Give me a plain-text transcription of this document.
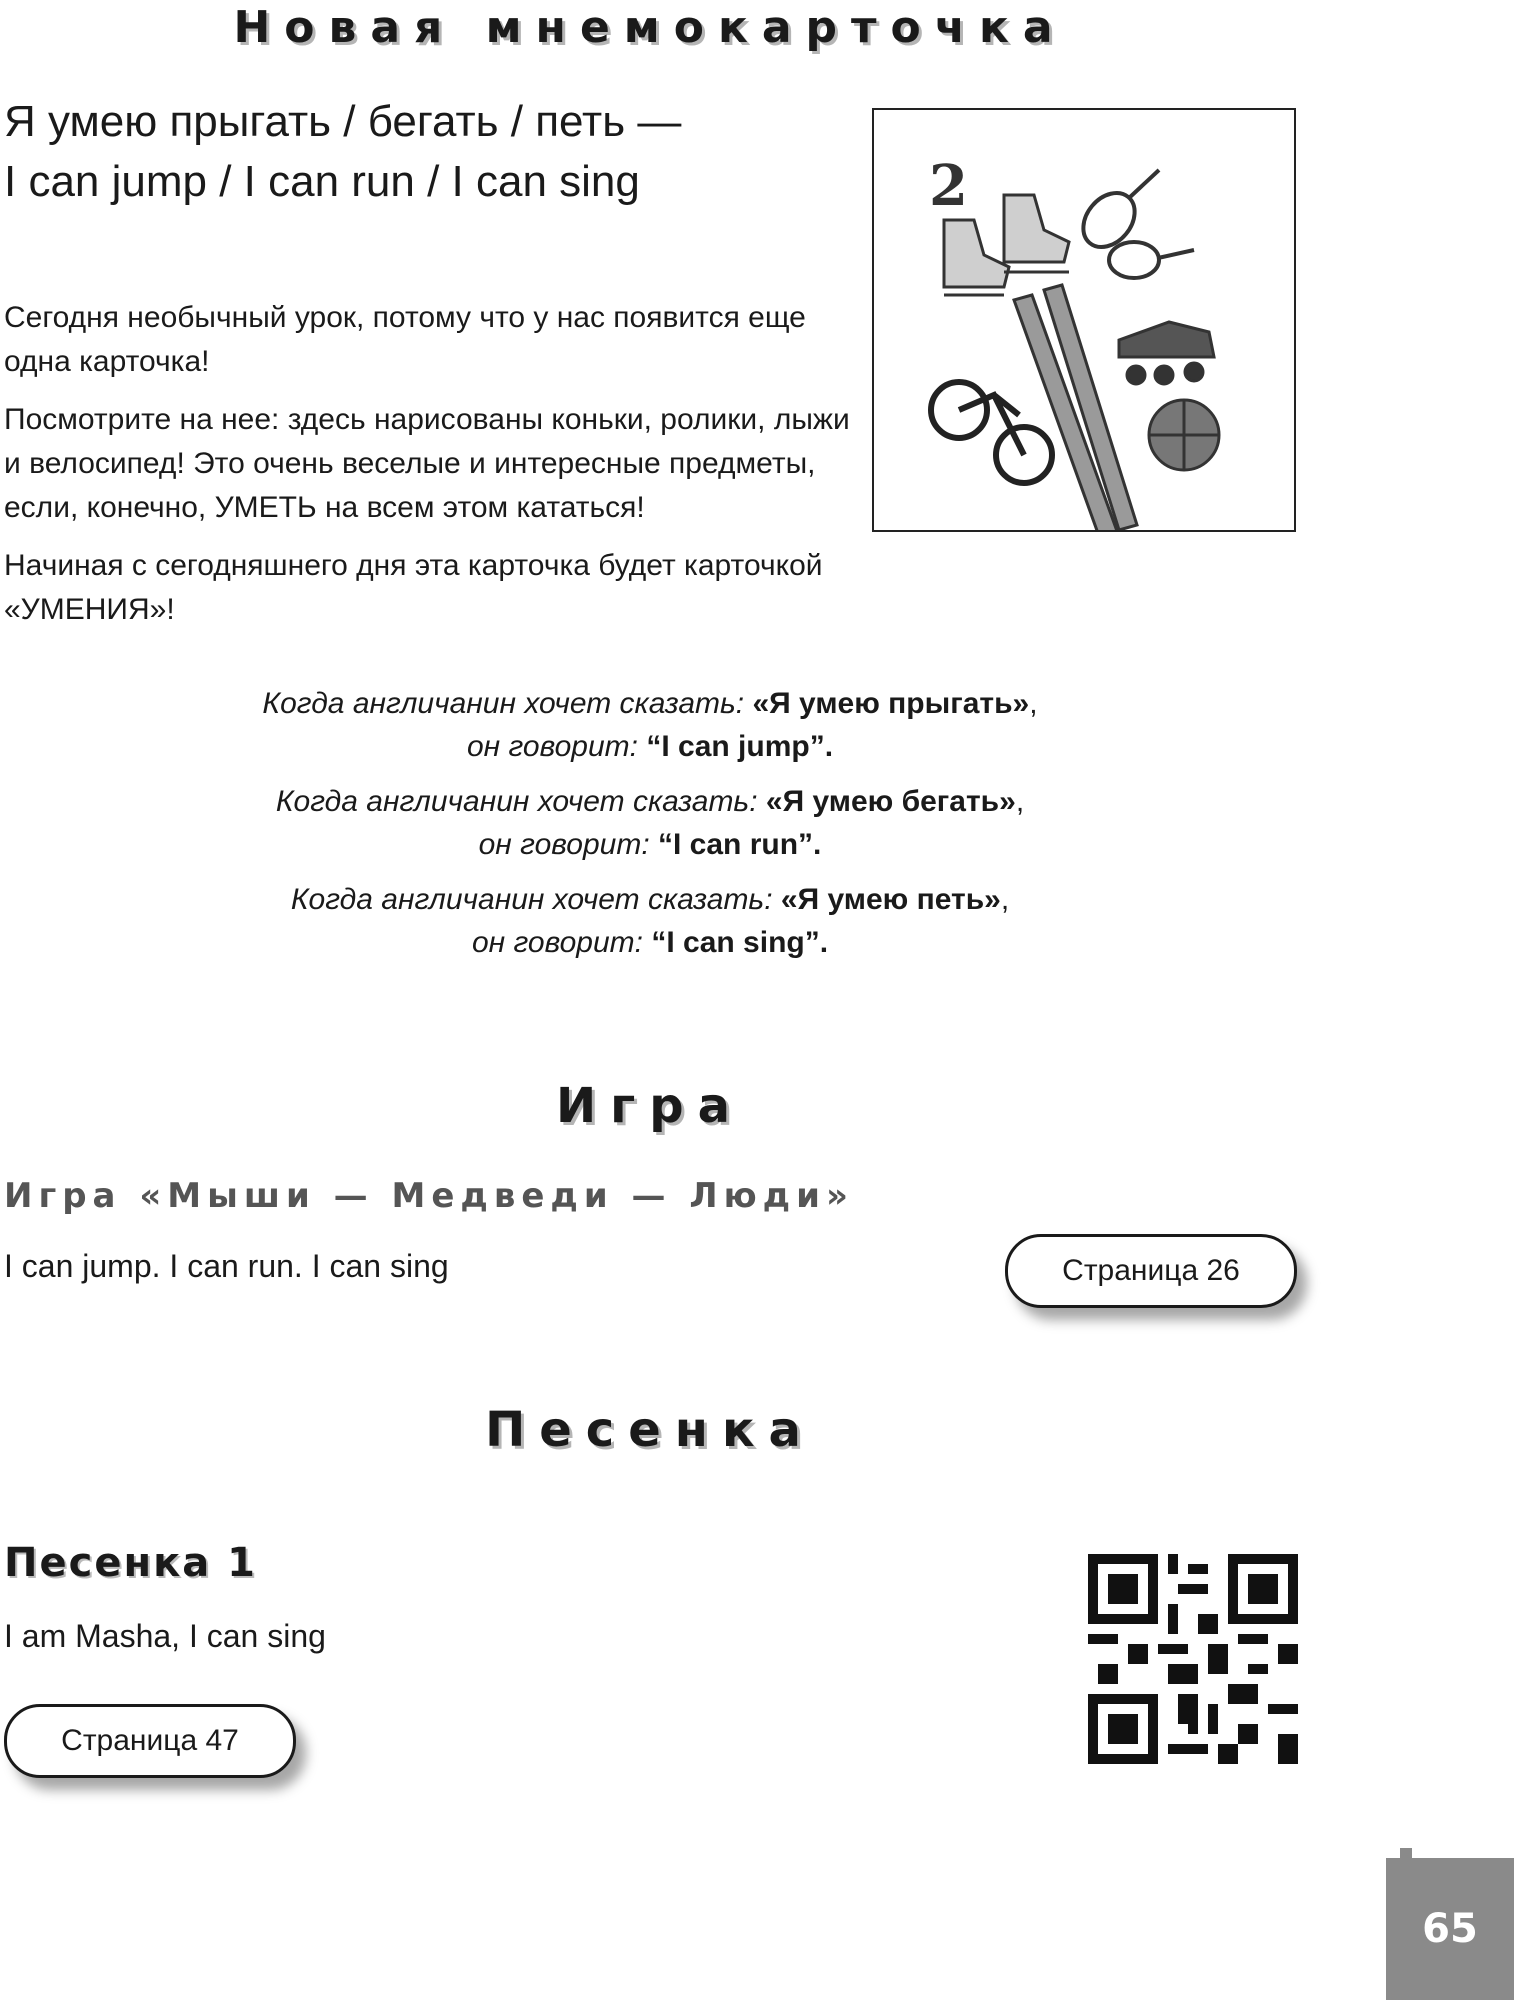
Новая мнемокарточка
Я умею прыгать / бегать / петь —
I can jump / I can run / I can sing

Сегодня необычный урок, потому что у нас появится еще одна карточка!

Посмотрите на нее: здесь нарисованы коньки, ролики, лыжи и велосипед! Это очень веселые и интересные предметы, если, конечно, УМЕТЬ на всем этом кататься!

Начиная с сегодняшнего дня эта карточка будет карточкой «УМЕНИЯ»!

2
Когда англичанин хочет сказать: «Я умею прыгать»,
он говорит: “I can jump”.
Когда англичанин хочет сказать: «Я умею бегать»,
он говорит: “I can run”.
Когда англичанин хочет сказать: «Я умею петь»,
он говорит: “I can sing”.
Игра
Игра «Мыши — Медведи — Люди»
I can jump. I can run. I can sing	Страница 26
Песенка
Песенка 1
I am Masha, I can sing
Страница 47
65
